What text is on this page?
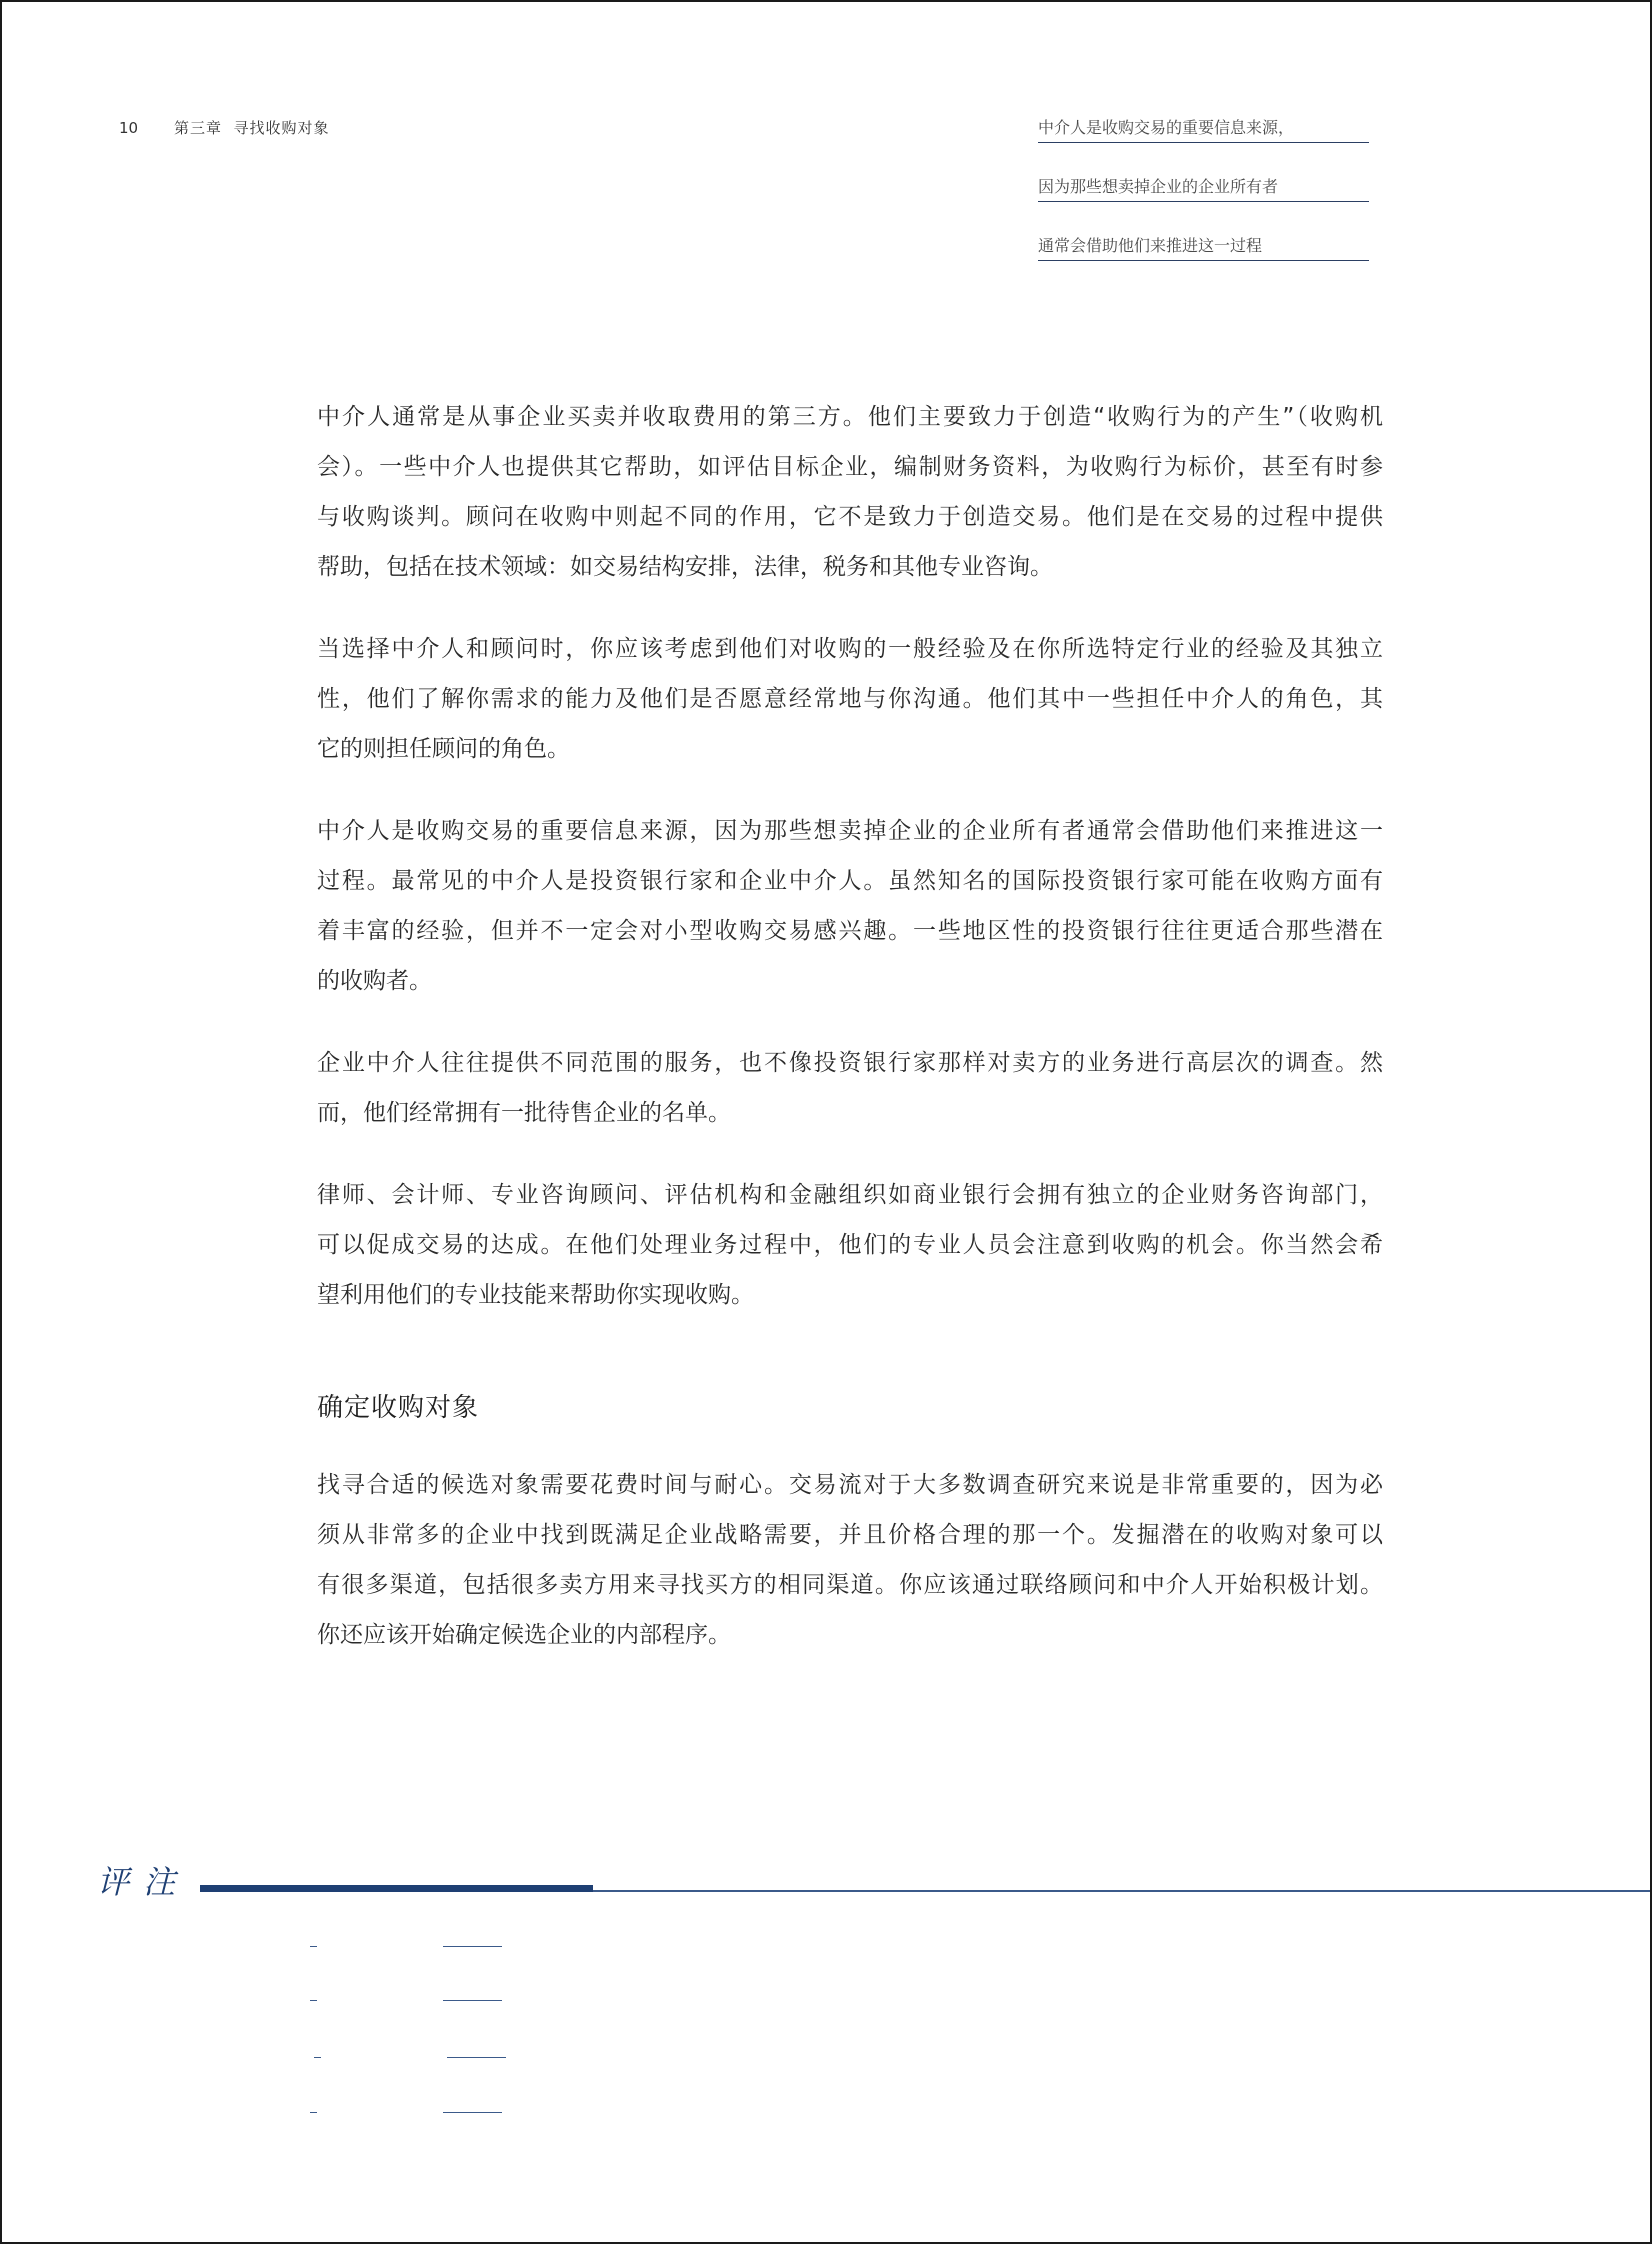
10 第三章  寻找收购对象	中介人是收购交易的重要信息来源，
因为那些想卖掉企业的企业所有者
通常会借助他们来推进这一过程
中介人通常是从事企业买卖并收取费用的第三方。他们主要致力于创造“收购行为的产生”（收购机
会）。一些中介人也提供其它帮助，如评估目标企业，编制财务资料，为收购行为标价，甚至有时参
与收购谈判。顾问在收购中则起不同的作用，它不是致力于创造交易。他们是在交易的过程中提供
帮助，包括在技术领域：如交易结构安排，法律，税务和其他专业咨询。
当选择中介人和顾问时，你应该考虑到他们对收购的一般经验及在你所选特定行业的经验及其独立
性，他们了解你需求的能力及他们是否愿意经常地与你沟通。他们其中一些担任中介人的角色，其
它的则担任顾问的角色。
中介人是收购交易的重要信息来源，因为那些想卖掉企业的企业所有者通常会借助他们来推进这一
过程。最常见的中介人是投资银行家和企业中介人。虽然知名的国际投资银行家可能在收购方面有
着丰富的经验，但并不一定会对小型收购交易感兴趣。一些地区性的投资银行往往更适合那些潜在
的收购者。
企业中介人往往提供不同范围的服务，也不像投资银行家那样对卖方的业务进行高层次的调查。然
而，他们经常拥有一批待售企业的名单。
律师、会计师、专业咨询顾问、评估机构和金融组织如商业银行会拥有独立的企业财务咨询部门，
可以促成交易的达成。在他们处理业务过程中，他们的专业人员会注意到收购的机会。你当然会希
望利用他们的专业技能来帮助你实现收购。
确定收购对象
找寻合适的候选对象需要花费时间与耐心。交易流对于大多数调查研究来说是非常重要的，因为必
须从非常多的企业中找到既满足企业战略需要，并且价格合理的那一个。发掘潜在的收购对象可以
有很多渠道，包括很多卖方用来寻找买方的相同渠道。你应该通过联络顾问和中介人开始积极计划。
你还应该开始确定候选企业的内部程序。
评 注
